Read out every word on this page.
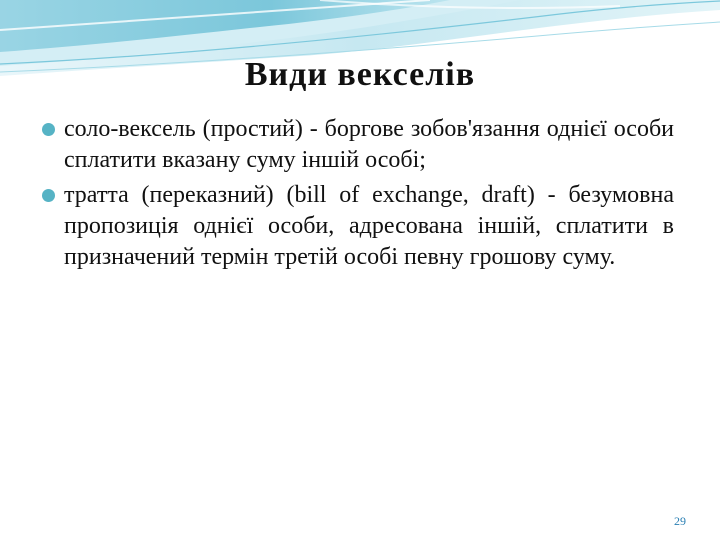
Види векселів
соло-вексель (простий) - боргове зобов'язання однієї особи сплатити вказану суму іншій особі;
тратта (переказний) (bill of exchange, draft) - безумовна пропозиція однієї особи, адресована іншій, сплатити в призначений термін третій особі певну грошову суму.
29
